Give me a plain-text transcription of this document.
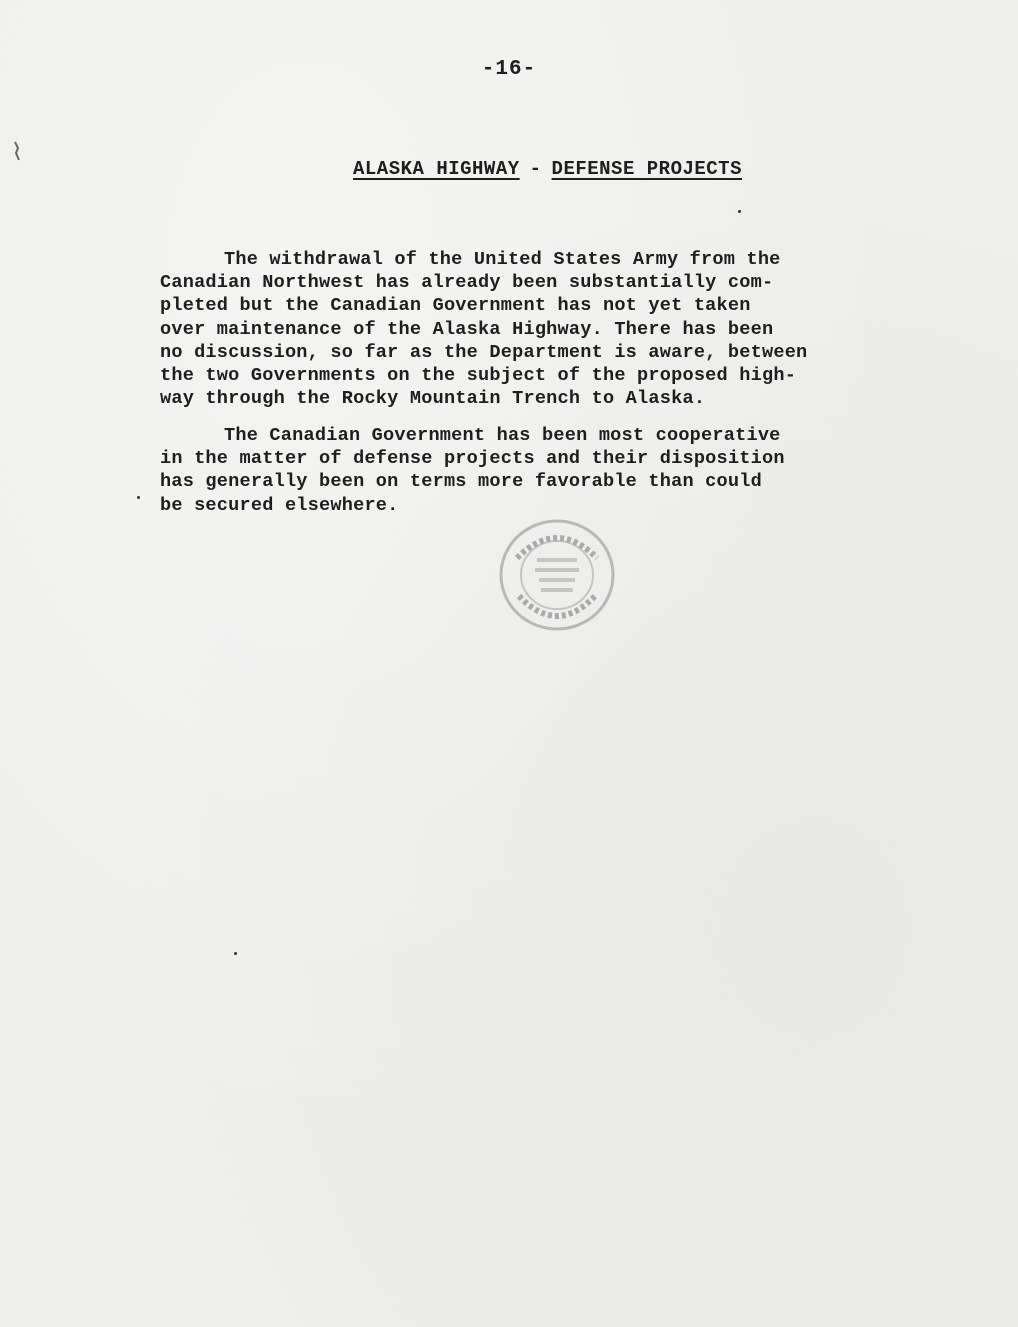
-16-
ALASKA HIGHWAY - DEFENSE PROJECTS
The withdrawal of the United States Army from the
Canadian Northwest has already been substantially com-
pleted but the Canadian Government has not yet taken
over maintenance of the Alaska Highway. There has been
no discussion, so far as the Department is aware, between
the two Governments on the subject of the proposed high-
way through the Rocky Mountain Trench to Alaska.
The Canadian Government has been most cooperative
in the matter of defense projects and their disposition
has generally been on terms more favorable than could
be secured elsewhere.
